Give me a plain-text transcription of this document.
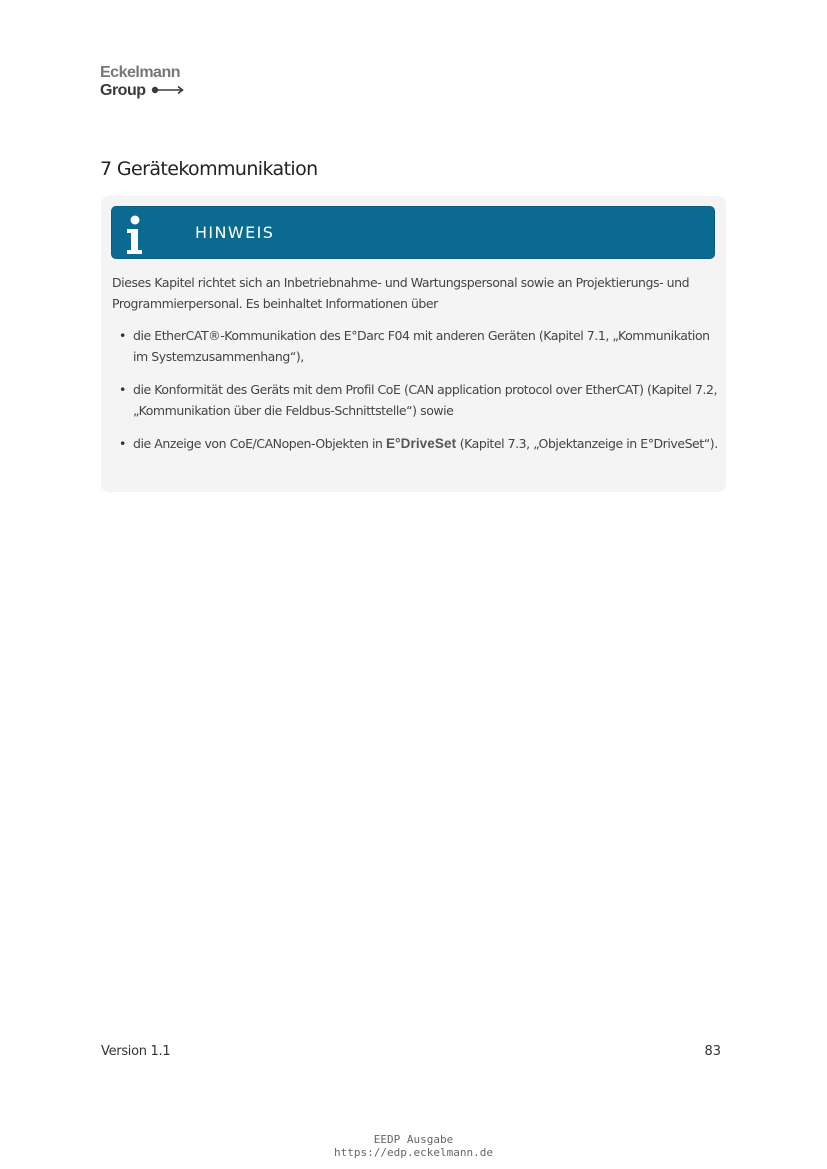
Eckelmann
Group
7 Gerätekommunikation
HINWEIS

Dieses Kapitel richtet sich an Inbetriebnahme- und Wartungspersonal sowie an Projektierungs- und Programmierpersonal. Es beinhaltet Informationen über

• die EtherCAT®-Kommunikation des E°Darc F04 mit anderen Geräten (Kapitel 7.1, „Kommunikation im Systemzusammenhang“),
• die Konformität des Geräts mit dem Profil CoE (CAN application protocol over EtherCAT) (Kapitel 7.2, „Kommunikation über die Feldbus-Schnittstelle“) sowie
• die Anzeige von CoE/CANopen-Objekten in E°DriveSet (Kapitel 7.3, „Objektanzeige in E°DriveSet“).
Version 1.1	83
EEDP Ausgabe
https://edp.eckelmann.de
